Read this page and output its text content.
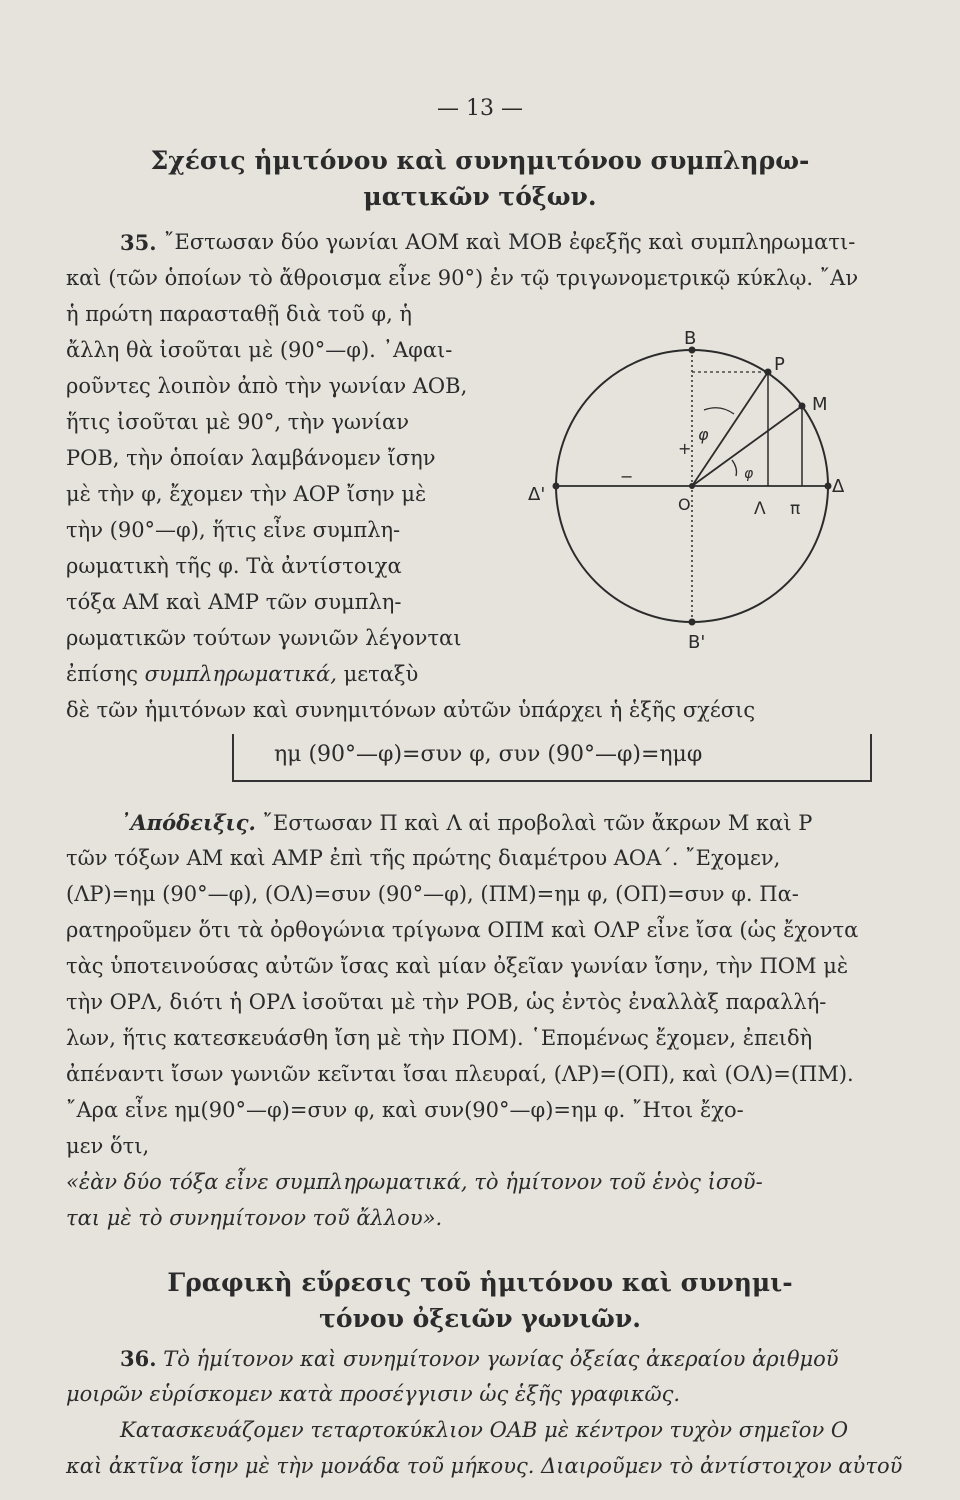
— 13 —
Σχέσις ἡμιτόνου καὶ συνημιτόνου συμπληρω-
ματικῶν τόξων.
35. ῎Εστωσαν δύο γωνίαι ΑΟΜ καὶ ΜΟΒ ἐφεξῆς καὶ συμπληρωματι-
καὶ (τῶν ὁποίων τὸ ἄθροισμα εἶνε 90°) ἐν τῷ τριγωνομετρικῷ κύκλῳ. ῎Αν
ἡ πρώτη παρασταθῇ διὰ τοῦ φ, ἡ
ἄλλη θὰ ἰσοῦται μὲ (90°—φ). ᾿Αφαι-
ροῦντες λοιπὸν ἀπὸ τὴν γωνίαν ΑΟΒ,
ἥτις ἰσοῦται μὲ 90°, τὴν γωνίαν
ΡΟΒ, τὴν ὁποίαν λαμβάνομεν ἴσην
μὲ τὴν φ, ἔχομεν τὴν ΑΟΡ ἴσην μὲ
τὴν (90°—φ), ἥτις εἶνε συμπλη-
ρωματικὴ τῆς φ. Τὰ ἀντίστοιχα
τόξα ΑΜ καὶ ΑΜΡ τῶν συμπλη-
ρωματικῶν τούτων γωνιῶν λέγονται
ἐπίσης συμπληρωματικά, μεταξὺ
δὲ τῶν ἡμιτόνων καὶ συνημιτόνων αὐτῶν ὑπάρχει ἡ ἑξῆς σχέσις
ημ (90°—φ)=συν φ, συν (90°—φ)=ημφ
᾿Απόδειξις. ῎Εστωσαν Π καὶ Λ αἱ προβολαὶ τῶν ἄκρων Μ καὶ Ρ
τῶν τόξων ΑΜ καὶ ΑΜΡ ἐπὶ τῆς πρώτης διαμέτρου ΑΟΑ΄. ῎Εχομεν,
(ΛΡ)=ημ (90°—φ), (ΟΛ)=συν (90°—φ), (ΠΜ)=ημ φ, (ΟΠ)=συν φ. Πα-
ρατηροῦμεν ὅτι τὰ ὀρθογώνια τρίγωνα ΟΠΜ καὶ ΟΛΡ εἶνε ἴσα (ὡς ἔχοντα
τὰς ὑποτεινούσας αὐτῶν ἴσας καὶ μίαν ὀξεῖαν γωνίαν ἴσην, τὴν ΠΟΜ μὲ
τὴν ΟΡΛ, διότι ἡ ΟΡΛ ἰσοῦται μὲ τὴν ΡΟΒ, ὡς ἐντὸς ἐναλλὰξ παραλλή-
λων, ἥτις κατεσκευάσθη ἴση μὲ τὴν ΠΟΜ). ῾Επομένως ἔχομεν, ἐπειδὴ
ἀπέναντι ἴσων γωνιῶν κεῖνται ἴσαι πλευραί, (ΛΡ)=(ΟΠ), καὶ (ΟΛ)=(ΠΜ).
῎Αρα εἶνε ημ(90°—φ)=συν φ, καὶ συν(90°—φ)=ημ φ. ῎Ητοι ἔχο-
μεν ὅτι,
«ἐὰν δύο τόξα εἶνε συμπληρωματικά, τὸ ἡμίτονον τοῦ ἑνὸς ἰσοῦ-
ται μὲ τὸ συνημίτονον τοῦ ἄλλου».
Γραφικὴ εὕρεσις τοῦ ἡμιτόνου καὶ συνημι-
τόνου ὀξειῶν γωνιῶν.
36. Τὸ ἡμίτονον καὶ συνημίτονον γωνίας ὀξείας ἀκεραίου ἀριθμοῦ
μοιρῶν εὑρίσκομεν κατὰ προσέγγισιν ὡς ἑξῆς γραφικῶς.
Κατασκευάζομεν τεταρτοκύκλιον ΟΑΒ μὲ κέντρον τυχὸν σημεῖον Ο
καὶ ἀκτῖνα ἴσην μὲ τὴν μονάδα τοῦ μήκους. Διαιροῦμεν τὸ ἀντίστοιχον αὐτοῦ
Β
Ρ
Μ
Δ
Δ'	Ο	Λ π
Β'
φ
φ
+
−
